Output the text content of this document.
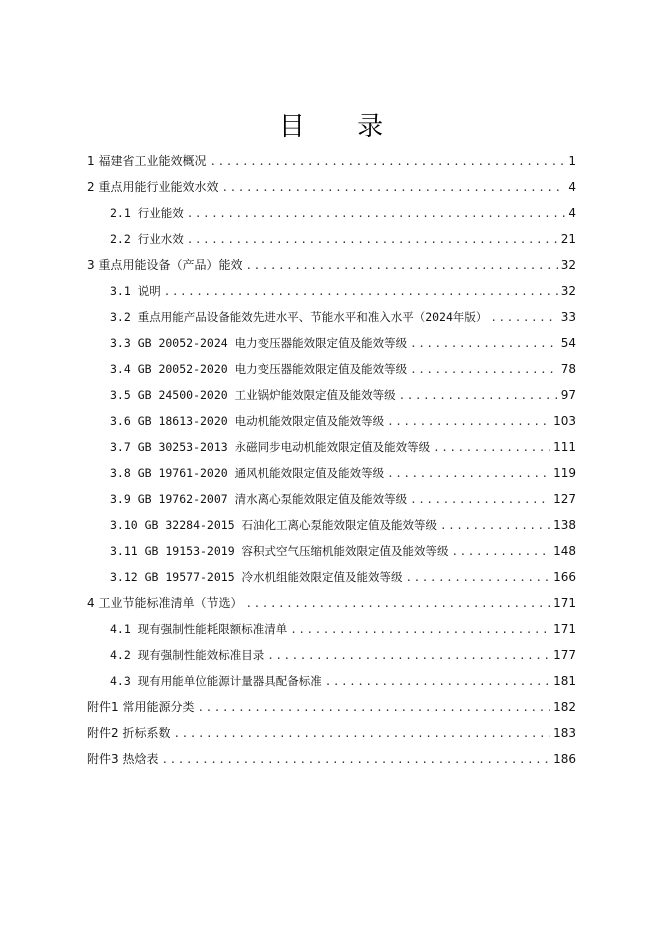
目 录
1 福建省工业能效概况 .....	1
2 重点用能行业能效水效 .....	4
2.1 行业能效 .....	4
2.2 行业水效 .....	21
3 重点用能设备（产品）能效 .....	32
3.1 说明 .....	32
3.2 重点用能产品设备能效先进水平、节能水平和准入水平（2024年版） .....	33
3.3 GB 20052-2024 电力变压器能效限定值及能效等级 .....	54
3.4 GB 20052-2020 电力变压器能效限定值及能效等级 .....	78
3.5 GB 24500-2020 工业锅炉能效限定值及能效等级 .....	97
3.6 GB 18613-2020 电动机能效限定值及能效等级 .....	103
3.7 GB 30253-2013 永磁同步电动机能效限定值及能效等级 .....	111
3.8 GB 19761-2020 通风机能效限定值及能效等级 .....	119
3.9 GB 19762-2007 清水离心泵能效限定值及能效等级 .....	127
3.10 GB 32284-2015 石油化工离心泵能效限定值及能效等级 .....	138
3.11 GB 19153-2019 容积式空气压缩机能效限定值及能效等级 .....	148
3.12 GB 19577-2015 冷水机组能效限定值及能效等级 .....	166
4 工业节能标准清单（节选） .....	171
4.1 现有强制性能耗限额标准清单 .....	171
4.2 现有强制性能效标准目录 .....	177
4.3 现有用能单位能源计量器具配备标准 .....	181
附件1 常用能源分类 .....	182
附件2 折标系数 .....	183
附件3 热焓表 .....	186
